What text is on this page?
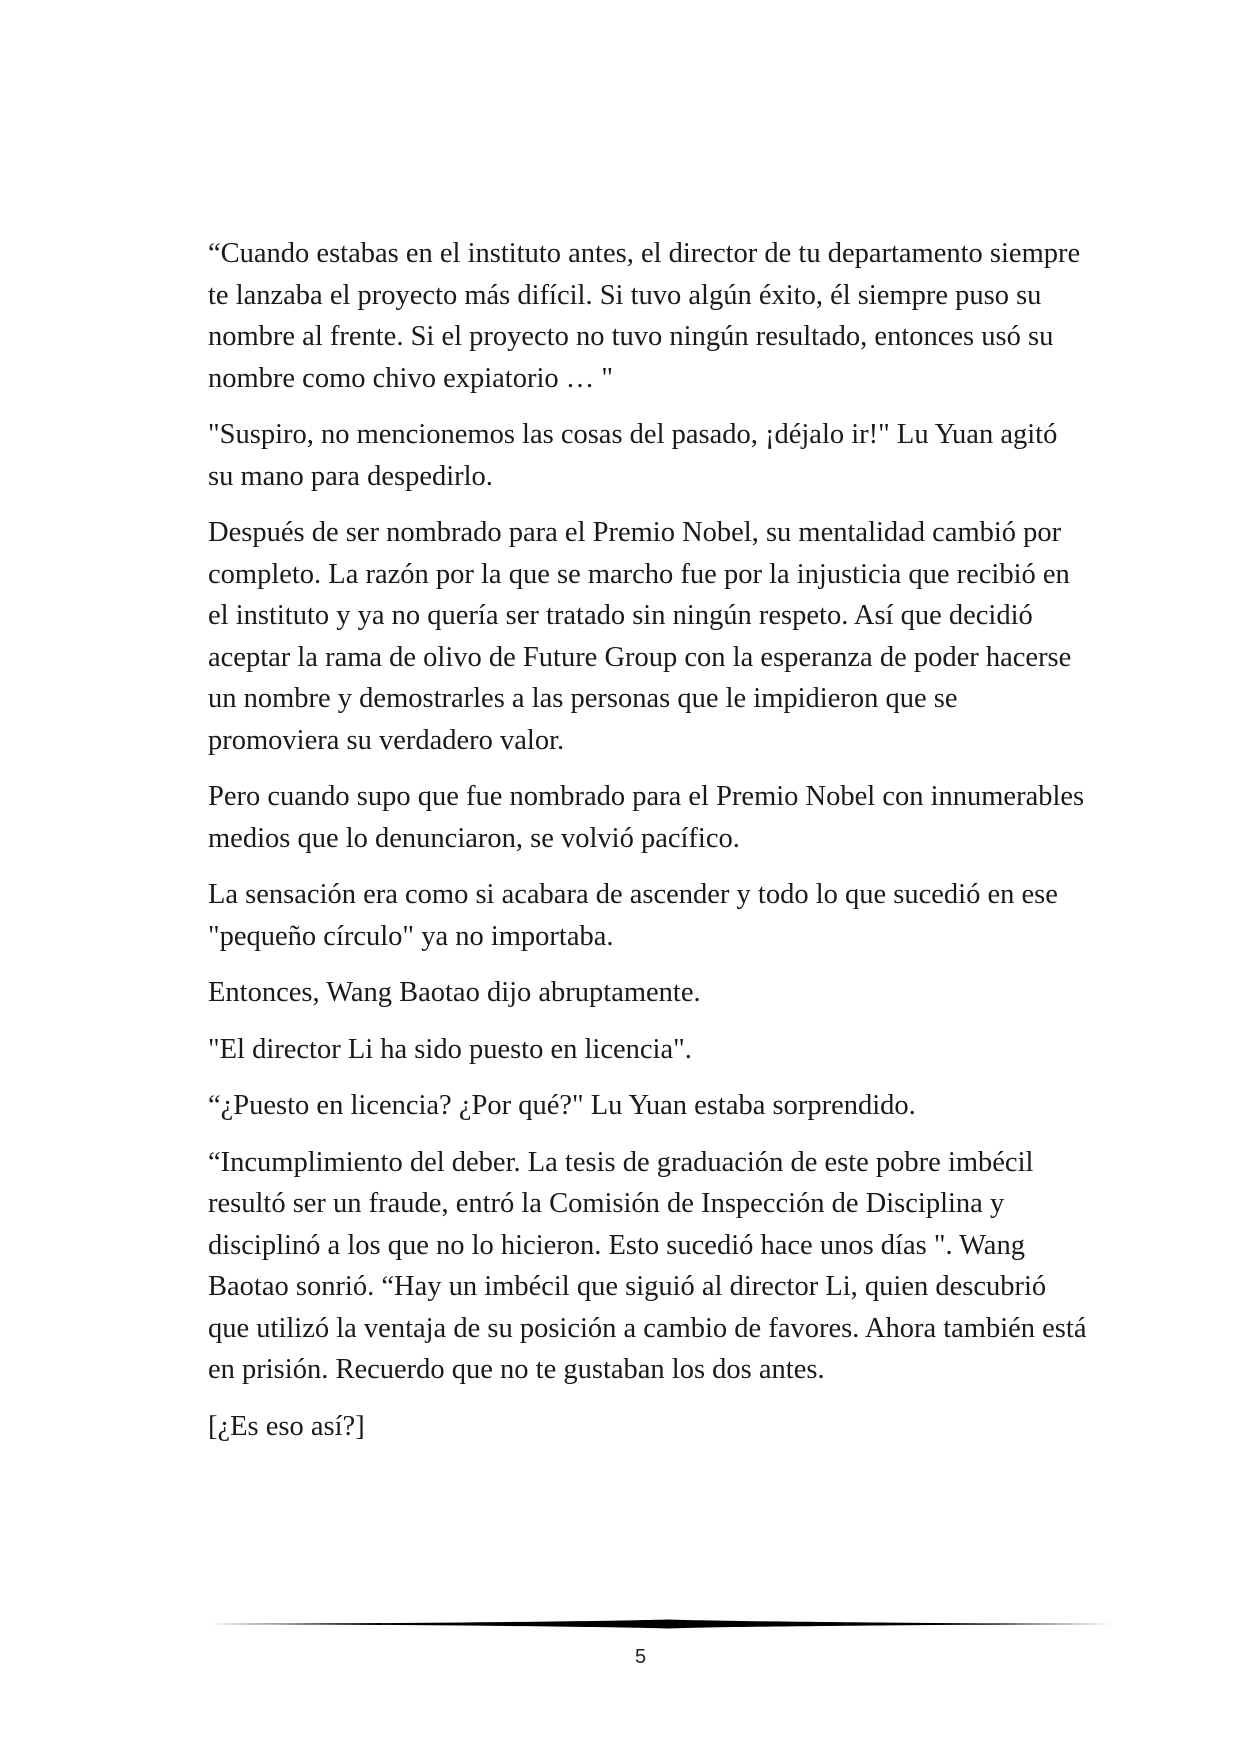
“Cuando estabas en el instituto antes, el director de tu departamento siempre te lanzaba el proyecto más difícil. Si tuvo algún éxito, él siempre puso su nombre al frente. Si el proyecto no tuvo ningún resultado, entonces usó su nombre como chivo expiatorio … "

"Suspiro, no mencionemos las cosas del pasado, ¡déjalo ir!" Lu Yuan agitó su mano para despedirlo.

Después de ser nombrado para el Premio Nobel, su mentalidad cambió por completo. La razón por la que se marcho fue por la injusticia que recibió en el instituto y ya no quería ser tratado sin ningún respeto. Así que decidió aceptar la rama de olivo de Future Group con la esperanza de poder hacerse un nombre y demostrarles a las personas que le impidieron que se promoviera su verdadero valor.

Pero cuando supo que fue nombrado para el Premio Nobel con innumerables medios que lo denunciaron, se volvió pacífico.

La sensación era como si acabara de ascender y todo lo que sucedió en ese "pequeño círculo" ya no importaba.

Entonces, Wang Baotao dijo abruptamente.

"El director Li ha sido puesto en licencia".

“¿Puesto en licencia? ¿Por qué?" Lu Yuan estaba sorprendido.

“Incumplimiento del deber. La tesis de graduación de este pobre imbécil resultó ser un fraude, entró la Comisión de Inspección de Disciplina y disciplinó a los que no lo hicieron. Esto sucedió hace unos días ". Wang Baotao sonrió. “Hay un imbécil que siguió al director Li, quien descubrió que utilizó la ventaja de su posición a cambio de favores. Ahora también está en prisión. Recuerdo que no te gustaban los dos antes.

[¿Es eso así?]

5
